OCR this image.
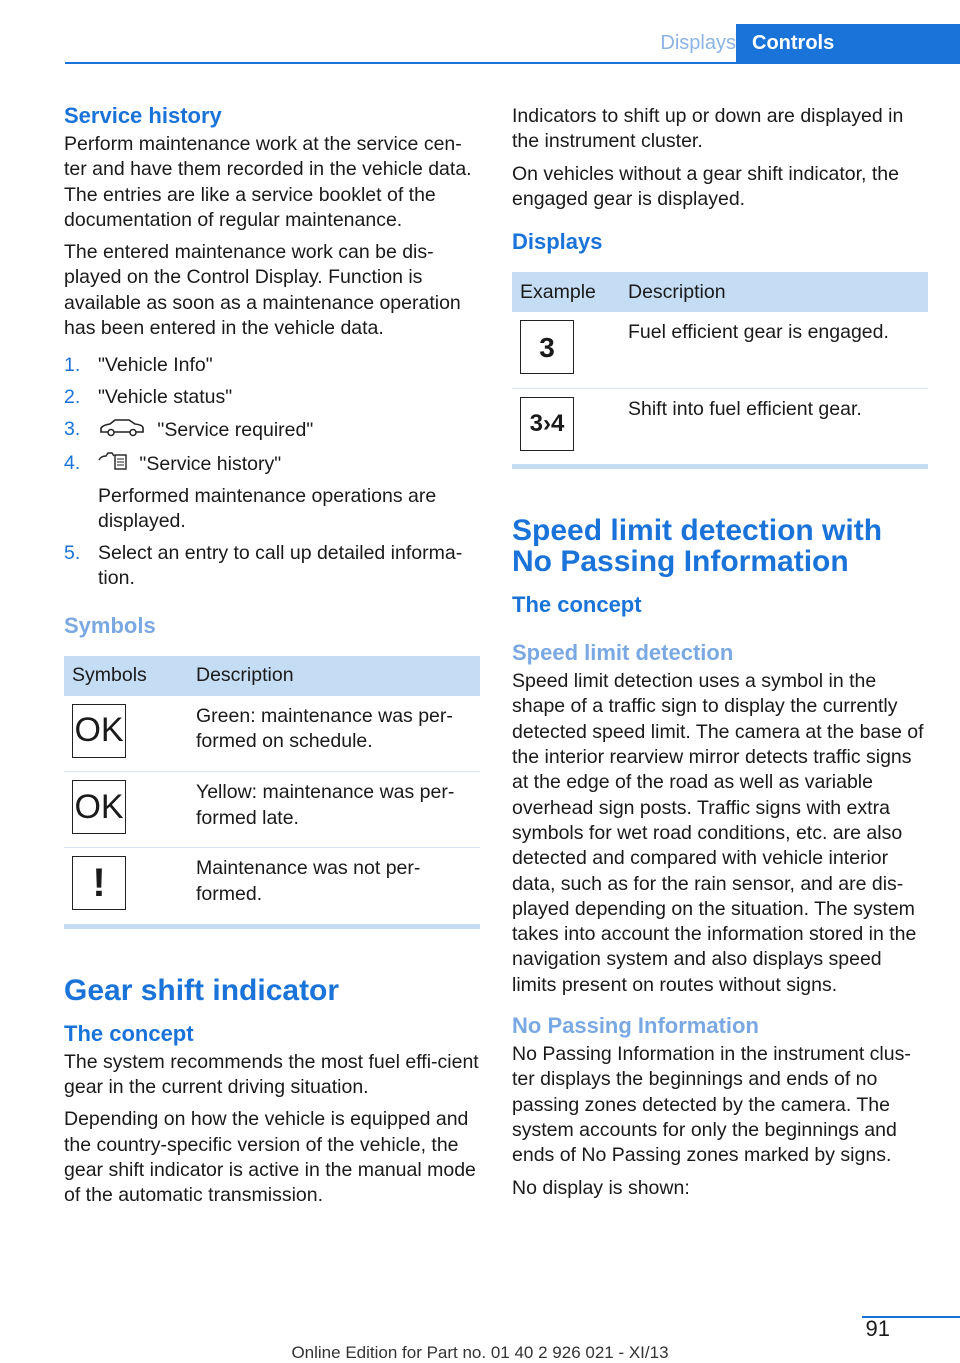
Displays Controls
Service history

Perform maintenance work at the service cen-ter and have them recorded in the vehicle data. The entries are like a service booklet of the documentation of regular maintenance.

The entered maintenance work can be dis-played on the Control Display. Function is available as soon as a maintenance operation has been entered in the vehicle data.

1. "Vehicle Info"
2. "Vehicle status"
3.	"Service required"
4.	"Service history"
Performed maintenance operations are displayed.
5. Select an entry to call up detailed informa-tion.
Symbols
Symbols	Description

OK	Green: maintenance was per-formed on schedule.

OK	Yellow: maintenance was per-formed late.

!	Maintenance was not per-formed.
Gear shift indicator
The concept

The system recommends the most fuel effi-cient gear in the current driving situation.

Depending on how the vehicle is equipped and the country-specific version of the vehicle, the gear shift indicator is active in the manual mode of the automatic transmission.

Indicators to shift up or down are displayed in the instrument cluster.

On vehicles without a gear shift indicator, the engaged gear is displayed.

Displays
Example	Description

3	Fuel efficient gear is engaged.

3›4	Shift into fuel efficient gear.
Speed limit detection with No Passing Information
The concept
Speed limit detection

Speed limit detection uses a symbol in the shape of a traffic sign to display the currently detected speed limit. The camera at the base of the interior rearview mirror detects traffic signs at the edge of the road as well as variable overhead sign posts. Traffic signs with extra symbols for wet road conditions, etc. are also detected and compared with vehicle interior data, such as for the rain sensor, and are dis-played depending on the situation. The system takes into account the information stored in the navigation system and also displays speed limits present on routes without signs.

No Passing Information

No Passing Information in the instrument clus-ter displays the beginnings and ends of no passing zones detected by the camera. The system accounts for only the beginnings and ends of No Passing zones marked by signs.

No display is shown:

91
Online Edition for Part no. 01 40 2 926 021 - XI/13
